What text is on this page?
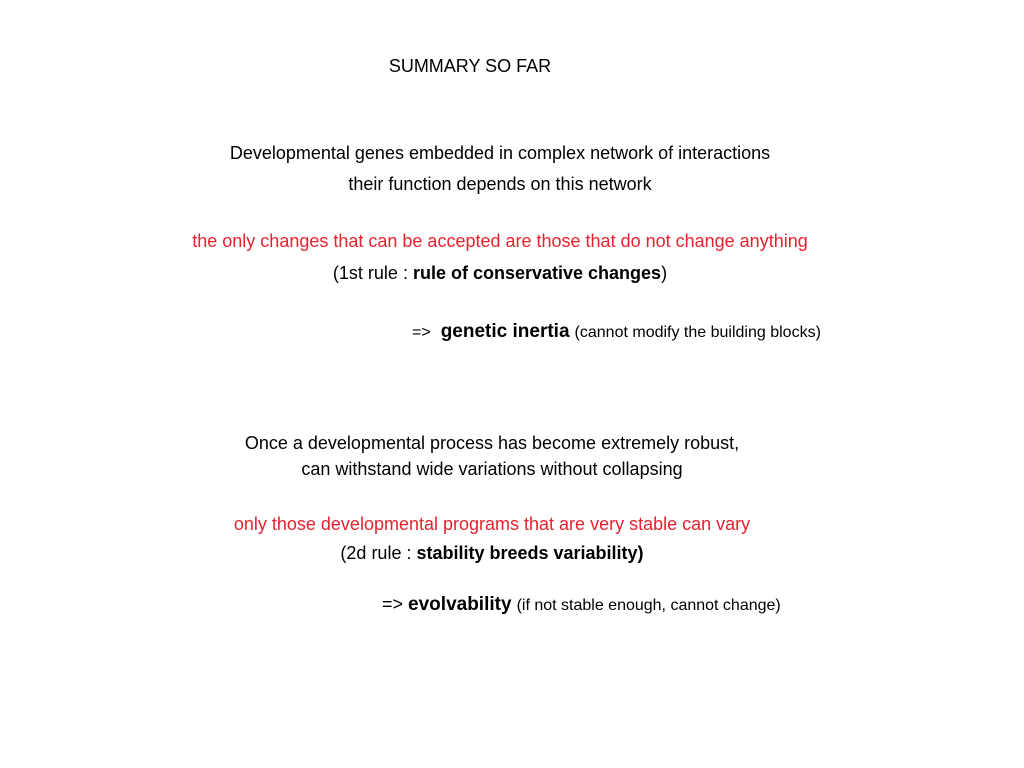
SUMMARY SO FAR
Developmental genes embedded in complex network of interactions
their function depends on this network
the only changes that can be accepted are those that do not change anything
(1st rule : rule of conservative changes)
=> genetic inertia (cannot modify the building blocks)
Once a developmental process has become extremely robust,
can withstand wide variations without collapsing
only those developmental programs that are very stable can vary
(2d rule : stability breeds variability)
=> evolvability (if not stable enough, cannot change)
